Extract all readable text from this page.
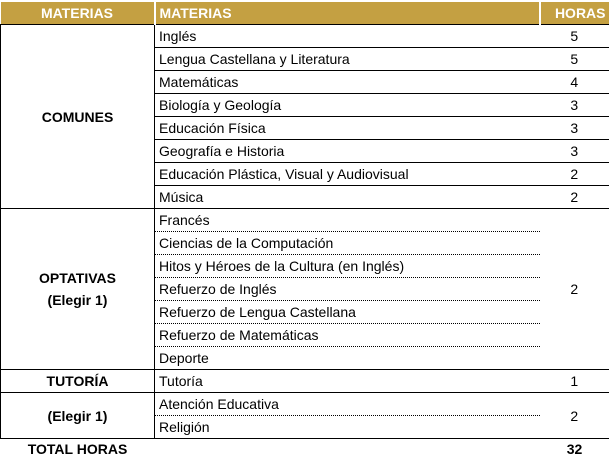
MATERIAS	MATERIAS	HORAS
COMUNES	Inglés	5
	Lengua Castellana y Literatura	5
	Matemáticas	4
	Biología y Geología	3
	Educación Física	3
	Geografía e Historia	3
	Educación Plástica, Visual y Audiovisual	2
	Música	2

OPTATIVAS
(Elegir 1)	Francés	2
	Ciencias de la Computación	
	Hitos y Héroes de la Cultura (en Inglés)	
	Refuerzo de Inglés	
	Refuerzo de Lengua Castellana	
	Refuerzo de Matemáticas	
	Deporte	
TUTORÍA	Tutoría	1
(Elegir 1)	Atención Educativa	2
	Religión	
TOTAL HORAS		32
